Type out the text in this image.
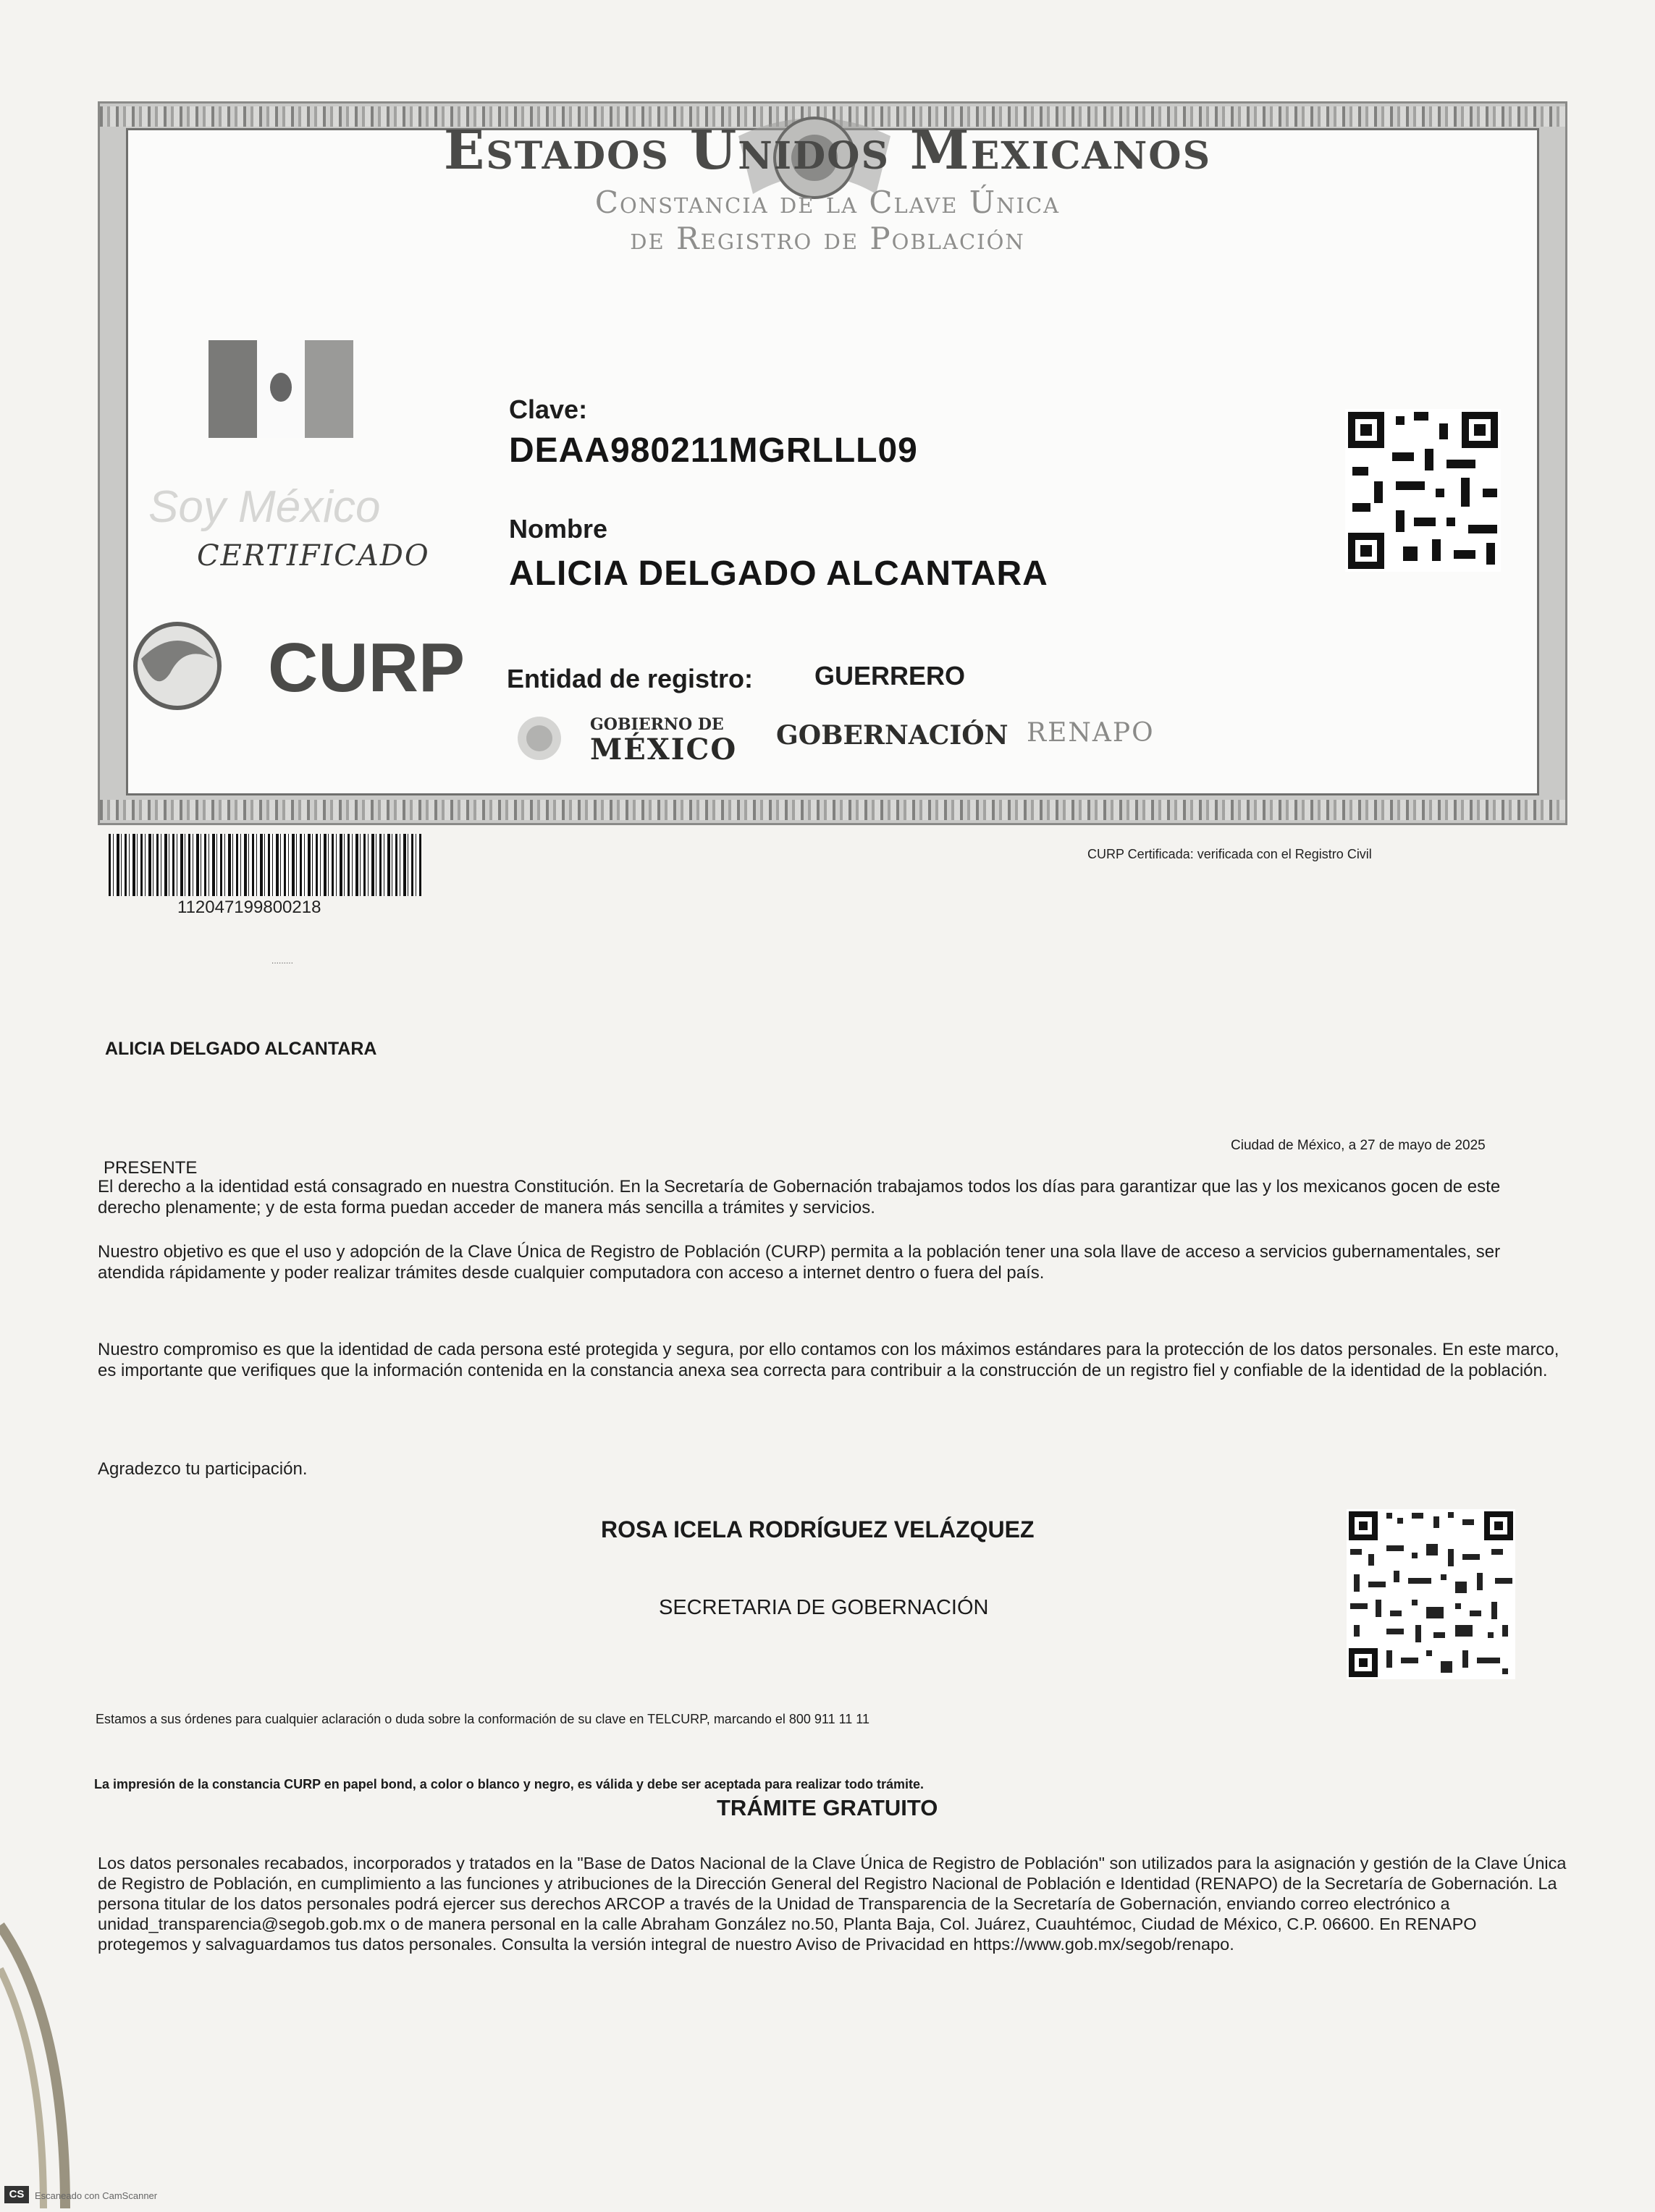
Estados Unidos Mexicanos
Constancia de la Clave Única
de Registro de Población
Soy México
CERTIFICADO
CURP
Clave:
DEAA980211MGRLLL09
Nombre
ALICIA DELGADO ALCANTARA
Entidad de registro: GUERRERO
GOBIERNO DE
MÉXICO GOBERNACIÓN RENAPO
112047199800218
CURP Certificada: verificada con el Registro Civil
·········
ALICIA DELGADO ALCANTARA
Ciudad de México, a 27 de mayo de 2025
PRESENTE
El derecho a la identidad está consagrado en nuestra Constitución. En la Secretaría de Gobernación trabajamos todos los días para garantizar que las y los mexicanos gocen de este derecho plenamente; y de esta forma puedan acceder de manera más sencilla a trámites y servicios.
Nuestro objetivo es que el uso y adopción de la Clave Única de Registro de Población (CURP) permita a la población tener una sola llave de acceso a servicios gubernamentales, ser atendida rápidamente y poder realizar trámites desde cualquier computadora con acceso a internet dentro o fuera del país.
Nuestro compromiso es que la identidad de cada persona esté protegida y segura, por ello contamos con los máximos estándares para la protección de los datos personales. En este marco, es importante que verifiques que la información contenida en la constancia anexa sea correcta para contribuir a la construcción de un registro fiel y confiable de la identidad de la población.
Agradezco tu participación.
ROSA ICELA RODRÍGUEZ VELÁZQUEZ
SECRETARIA DE GOBERNACIÓN
Estamos a sus órdenes para cualquier aclaración o duda sobre la conformación de su clave en TELCURP, marcando el 800 911 11 11
La impresión de la constancia CURP en papel bond, a color o blanco y negro, es válida y debe ser aceptada para realizar todo trámite.
TRÁMITE GRATUITO
Los datos personales recabados, incorporados y tratados en la "Base de Datos Nacional de la Clave Única de Registro de Población" son utilizados para la asignación y gestión de la Clave Única de Registro de Población, en cumplimiento a las funciones y atribuciones de la Dirección General del Registro Nacional de Población e Identidad (RENAPO) de la Secretaría de Gobernación. La persona titular de los datos personales podrá ejercer sus derechos ARCOP a través de la Unidad de Transparencia de la Secretaría de Gobernación, enviando correo electrónico a unidad_transparencia@segob.gob.mx o de manera personal en la calle Abraham González no.50, Planta Baja, Col. Juárez, Cuauhtémoc, Ciudad de México, C.P. 06600. En RENAPO protegemos y salvaguardamos tus datos personales. Consulta la versión integral de nuestro Aviso de Privacidad en https://www.gob.mx/segob/renapo.
CS	Escaneado con CamScanner
